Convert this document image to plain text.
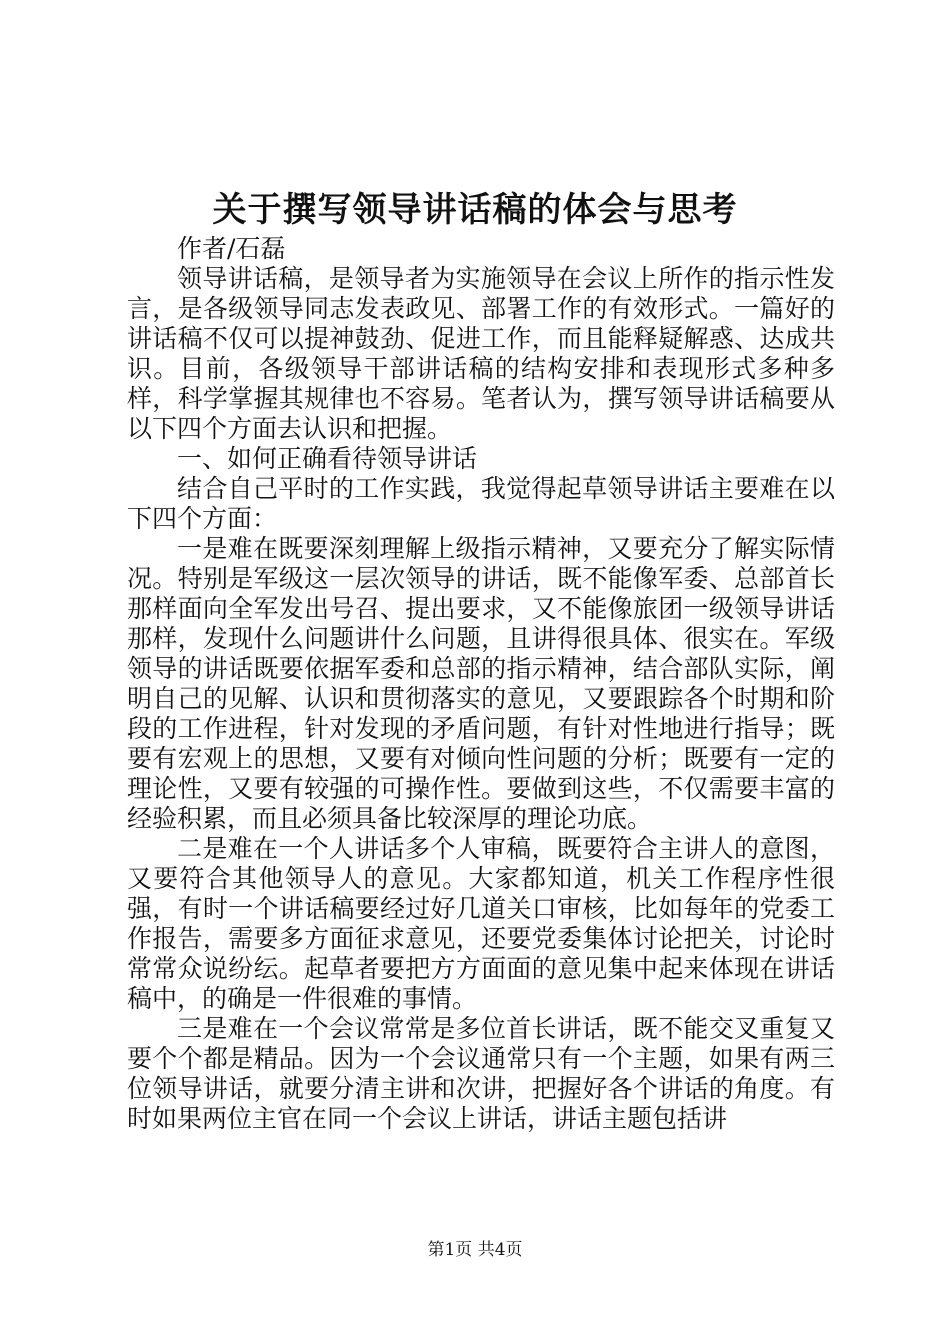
关于撰写领导讲话稿的体会与思考

作者/石磊

领导讲话稿，是领导者为实施领导在会议上所作的指示性发言，是各级领导同志发表政见、部署工作的有效形式。一篇好的讲话稿不仅可以提神鼓劲、促进工作，而且能释疑解惑、达成共识。目前，各级领导干部讲话稿的结构安排和表现形式多种多样，科学掌握其规律也不容易。笔者认为，撰写领导讲话稿要从以下四个方面去认识和把握。

一、如何正确看待领导讲话

结合自己平时的工作实践，我觉得起草领导讲话主要难在以下四个方面：

一是难在既要深刻理解上级指示精神，又要充分了解实际情况。特别是军级这一层次领导的讲话，既不能像军委、总部首长那样面向全军发出号召、提出要求，又不能像旅团一级领导讲话那样，发现什么问题讲什么问题，且讲得很具体、很实在。军级领导的讲话既要依据军委和总部的指示精神，结合部队实际，阐明自己的见解、认识和贯彻落实的意见，又要跟踪各个时期和阶段的工作进程，针对发现的矛盾问题，有针对性地进行指导；既要有宏观上的思想，又要有对倾向性问题的分析；既要有一定的理论性，又要有较强的可操作性。要做到这些，不仅需要丰富的经验积累，而且必须具备比较深厚的理论功底。

二是难在一个人讲话多个人审稿，既要符合主讲人的意图，又要符合其他领导人的意见。大家都知道，机关工作程序性很强，有时一个讲话稿要经过好几道关口审核，比如每年的党委工作报告，需要多方面征求意见，还要党委集体讨论把关，讨论时常常众说纷纭。起草者要把方方面面的意见集中起来体现在讲话稿中，的确是一件很难的事情。

三是难在一个会议常常是多位首长讲话，既不能交叉重复又要个个都是精品。因为一个会议通常只有一个主题，如果有两三位领导讲话，就要分清主讲和次讲，把握好各个讲话的角度。有时如果两位主官在同一个会议上讲话，讲话主题包括讲

第1页 共4页
